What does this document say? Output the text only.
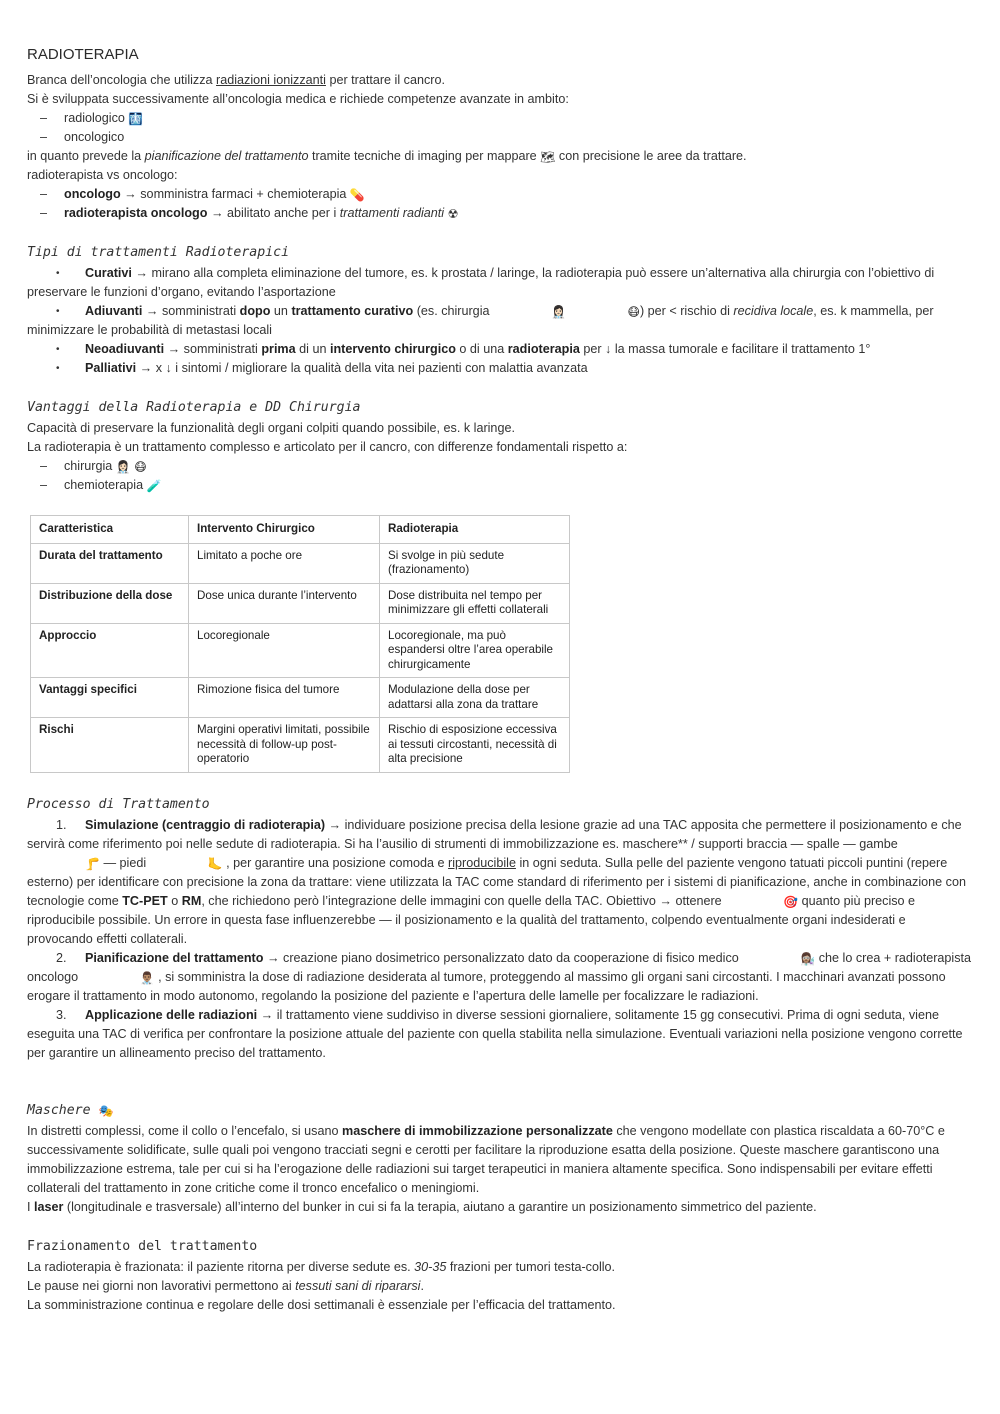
RADIOTERAPIA

Branca dell’oncologia che utilizza radiazioni ionizzanti per trattare il cancro.

Si è sviluppata successivamente all’oncologia medica e richiede competenze avanzate in ambito:

– radiologico 🩻
– oncologico

in quanto prevede la pianificazione del trattamento tramite tecniche di imaging per mappare 🗺 con precisione le aree da trattare.

radioterapista vs oncologo:

– oncologo → somministra farmaci + chemioterapia 💊
– radioterapista oncologo → abilitato anche per i trattamenti radianti ☢
Tipi di trattamenti Radioterapici
• Curativi → mirano alla completa eliminazione del tumore, es. k prostata / laringe, la radioterapia può essere un’alternativa alla chirurgia con l’obiettivo di preservare le funzioni d’organo, evitando l’asportazione
• Adiuvanti → somministrati dopo un trattamento curativo (es. chirurgia	👩🏻‍⚕️	😷) per < rischio di recidiva locale, es. k mammella, per minimizzare le probabilità di metastasi locali
• Neoadiuvanti → somministrati prima di un intervento chirurgico o di una radioterapia per ↓ la massa tumorale e facilitare il trattamento 1°
• Palliativi → x ↓ i sintomi / migliorare la qualità della vita nei pazienti con malattia avanzata
Vantaggi della Radioterapia e DD Chirurgia

Capacità di preservare la funzionalità degli organi colpiti quando possibile, es. k laringe.

La radioterapia è un trattamento complesso e articolato per il cancro, con differenze fondamentali rispetto a:

– chirurgia 👩🏻‍⚕️ 😷
– chemioterapia 🧪
Caratteristica	Intervento Chirurgico	Radioterapia
Durata del trattamento	Limitato a poche ore	Si svolge in più sedute (frazionamento)
Distribuzione della dose	Dose unica durante l’intervento	Dose distribuita nel tempo per minimizzare gli effetti collaterali
Approccio	Locoregionale	Locoregionale, ma può espandersi oltre l’area operabile chirurgicamente
Vantaggi specifici	Rimozione fisica del tumore	Modulazione della dose per adattarsi alla zona da trattare
Rischi	Margini operativi limitati, possibile necessità di follow-up post-operatorio	Rischio di esposizione eccessiva ai tessuti circostanti, necessità di alta precisione
Processo di Trattamento
1. Simulazione (centraggio di radioterapia) → individuare posizione precisa della lesione grazie ad una TAC apposita che permettere il posizionamento e che servirà come riferimento poi nelle sedute di radioterapia. Si ha l’ausilio di strumenti di immobilizzazione es. maschere** / supporti braccia — spalle — gambe 🦵 — piedi	🦶 , per garantire una posizione comoda e riproducibile in ogni seduta. Sulla pelle del paziente vengono tatuati piccoli puntini (repere esterno) per identificare con precisione la zona da trattare: viene utilizzata la TAC come standard di riferimento per i sistemi di pianificazione, anche in combinazione con tecnologie come TC-PET o RM, che richiedono però l’integrazione delle immagini con quelle della TAC. Obiettivo → ottenere	🎯 quanto più preciso e riproducibile possibile. Un errore in questa fase influenzerebbe — il posizionamento e la qualità del trattamento, colpendo eventualmente organi indesiderati e provocando effetti collaterali.
2. Pianificazione del trattamento → creazione piano dosimetrico personalizzato dato da cooperazione di fisico medico	👩🏽‍🔬 che lo crea + radioterapista oncologo	👨🏽‍⚕️ , si somministra la dose di radiazione desiderata al tumore, proteggendo al massimo gli organi sani circostanti. I macchinari avanzati possono erogare il trattamento in modo autonomo, regolando la posizione del paziente e l’apertura delle lamelle per focalizzare le radiazioni.
3. Applicazione delle radiazioni → il trattamento viene suddiviso in diverse sessioni giornaliere, solitamente 15 gg consecutivi. Prima di ogni seduta, viene eseguita una TAC di verifica per confrontare la posizione attuale del paziente con quella stabilita nella simulazione. Eventuali variazioni nella posizione vengono corrette per garantire un allineamento preciso del trattamento.
Maschere 🎭

In distretti complessi, come il collo o l’encefalo, si usano maschere di immobilizzazione personalizzate che vengono modellate con plastica riscaldata a 60-70°C e successivamente solidificate, sulle quali poi vengono tracciati segni e cerotti per facilitare la riproduzione esatta della posizione. Queste maschere garantiscono una immobilizzazione estrema, tale per cui si ha l’erogazione delle radiazioni sui target terapeutici in maniera altamente specifica. Sono indispensabili per evitare effetti collaterali del trattamento in zone critiche come il tronco encefalico o meningiomi.

I laser (longitudinale e trasversale) all’interno del bunker in cui si fa la terapia, aiutano a garantire un posizionamento simmetrico del paziente.

Frazionamento del trattamento

La radioterapia è frazionata: il paziente ritorna per diverse sedute es. 30-35 frazioni per tumori testa-collo.

Le pause nei giorni non lavorativi permettono ai tessuti sani di ripararsi.

La somministrazione continua e regolare delle dosi settimanali è essenziale per l’efficacia del trattamento.
